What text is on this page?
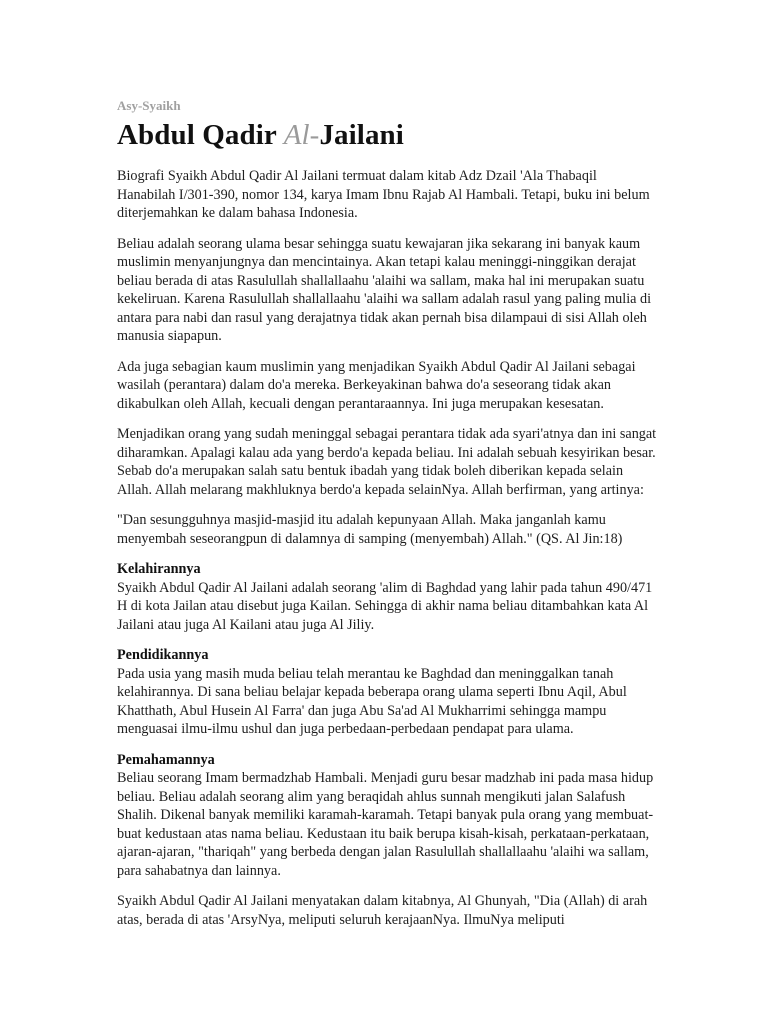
Asy-Syaikh
Abdul Qadir Al-Jailani

Biografi Syaikh Abdul Qadir Al Jailani termuat dalam kitab Adz Dzail 'Ala Thabaqil Hanabilah I/301-390, nomor 134, karya Imam Ibnu Rajab Al Hambali. Tetapi, buku ini belum diterjemahkan ke dalam bahasa Indonesia.

Beliau adalah seorang ulama besar sehingga suatu kewajaran jika sekarang ini banyak kaum muslimin menyanjungnya dan mencintainya. Akan tetapi kalau meninggi-ninggikan derajat beliau berada di atas Rasulullah shallallaahu 'alaihi wa sallam, maka hal ini merupakan suatu kekeliruan. Karena Rasulullah shallallaahu 'alaihi wa sallam adalah rasul yang paling mulia di antara para nabi dan rasul yang derajatnya tidak akan pernah bisa dilampaui di sisi Allah oleh manusia siapapun.

Ada juga sebagian kaum muslimin yang menjadikan Syaikh Abdul Qadir Al Jailani sebagai wasilah (perantara) dalam do'a mereka. Berkeyakinan bahwa do'a seseorang tidak akan dikabulkan oleh Allah, kecuali dengan perantaraannya. Ini juga merupakan kesesatan.

Menjadikan orang yang sudah meninggal sebagai perantara tidak ada syari'atnya dan ini sangat diharamkan. Apalagi kalau ada yang berdo'a kepada beliau. Ini adalah sebuah kesyirikan besar. Sebab do'a merupakan salah satu bentuk ibadah yang tidak boleh diberikan kepada selain Allah. Allah melarang makhluknya berdo'a kepada selainNya. Allah berfirman, yang artinya:

"Dan sesungguhnya masjid-masjid itu adalah kepunyaan Allah. Maka janganlah kamu menyembah seseorangpun di dalamnya di samping (menyembah) Allah." (QS. Al Jin:18)

Kelahirannya

Syaikh Abdul Qadir Al Jailani adalah seorang 'alim di Baghdad yang lahir pada tahun 490/471 H di kota Jailan atau disebut juga Kailan. Sehingga di akhir nama beliau ditambahkan kata Al Jailani atau juga Al Kailani atau juga Al Jiliy.

Pendidikannya

Pada usia yang masih muda beliau telah merantau ke Baghdad dan meninggalkan tanah kelahirannya. Di sana beliau belajar kepada beberapa orang ulama seperti Ibnu Aqil, Abul Khatthath, Abul Husein Al Farra' dan juga Abu Sa'ad Al Mukharrimi sehingga mampu menguasai ilmu-ilmu ushul dan juga perbedaan-perbedaan pendapat para ulama.

Pemahamannya

Beliau seorang Imam bermadzhab Hambali. Menjadi guru besar madzhab ini pada masa hidup beliau. Beliau adalah seorang alim yang beraqidah ahlus sunnah mengikuti jalan Salafush Shalih. Dikenal banyak memiliki karamah-karamah. Tetapi banyak pula orang yang membuat-buat kedustaan atas nama beliau. Kedustaan itu baik berupa kisah-kisah, perkataan-perkataan, ajaran-ajaran, "thariqah" yang berbeda dengan jalan Rasulullah shallallaahu 'alaihi wa sallam, para sahabatnya dan lainnya.

Syaikh Abdul Qadir Al Jailani menyatakan dalam kitabnya, Al Ghunyah, "Dia (Allah) di arah atas, berada di atas 'ArsyNya, meliputi seluruh kerajaanNya. IlmuNya meliputi
